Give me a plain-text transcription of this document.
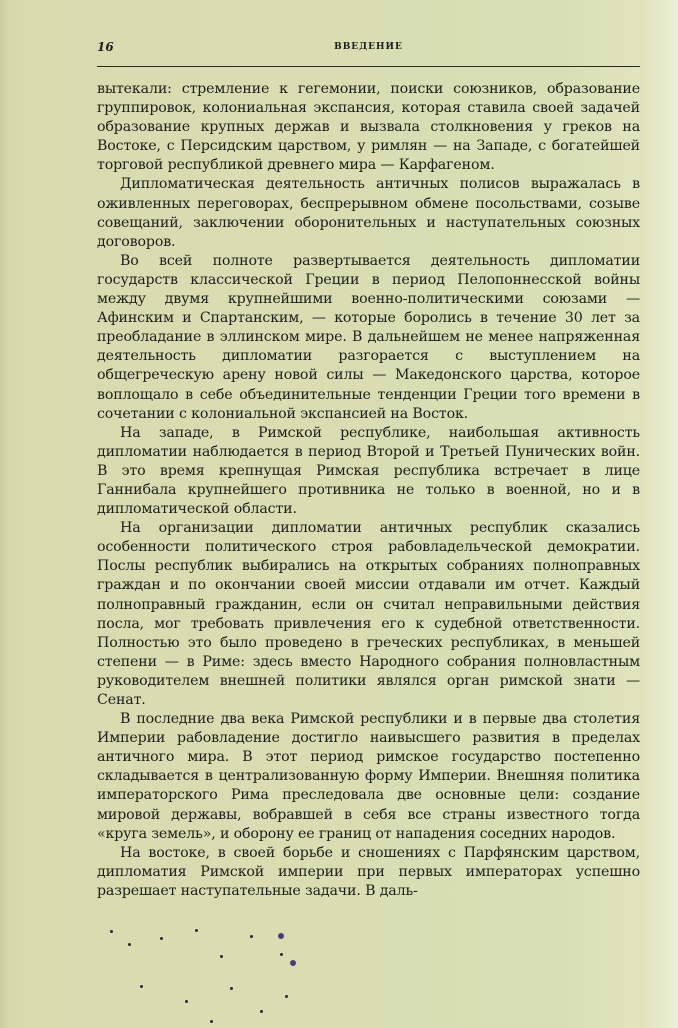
16	ВВЕДЕНИЕ

вытекали: стремление к гегемонии, поиски союзников, образование группировок, колониальная экспансия, которая ставила своей задачей образование крупных держав и вызвала столкновения у греков на Востоке, с Персидским царством, у римлян — на Западе, с богатейшей торговой республикой древнего мира — Карфагеном.

Дипломатическая деятельность античных полисов выражалась в оживленных переговорах, беспрерывном обмене посольствами, созыве совещаний, заключении оборонительных и наступательных союзных договоров.

Во всей полноте развертывается деятельность дипломатии государств классической Греции в период Пелопоннесской войны между двумя крупнейшими военно-политическими союзами — Афинским и Спартанским, — которые боролись в течение 30 лет за преобладание в эллинском мире. В дальнейшем не менее напряженная деятельность дипломатии разгорается с выступлением на общегреческую арену новой силы — Македонского царства, которое воплощало в себе объединительные тенденции Греции того времени в сочетании с колониальной экспансией на Восток.

На западе, в Римской республике, наибольшая активность дипломатии наблюдается в период Второй и Третьей Пунических войн. В это время крепнущая Римская республика встречает в лице Ганнибала крупнейшего противника не только в военной, но и в дипломатической области.

На организации дипломатии античных республик сказались особенности политического строя рабовладельческой демократии. Послы республик выбирались на открытых собраниях полноправных граждан и по окончании своей миссии отдавали им отчет. Каждый полноправный гражданин, если он считал неправильными действия посла, мог требовать привлечения его к судебной ответственности. Полностью это было проведено в греческих республиках, в меньшей степени — в Риме: здесь вместо Народного собрания полновластным руководителем внешней политики являлся орган римской знати — Сенат.

В последние два века Римской республики и в первые два столетия Империи рабовладение достигло наивысшего развития в пределах античного мира. В этот период римское государство постепенно складывается в централизованную форму Империи. Внешняя политика императорского Рима преследовала две основные цели: создание мировой державы, вобравшей в себя все страны известного тогда «круга земель», и оборону ее границ от нападения соседних народов.

На востоке, в своей борьбе и сношениях с Парфянским царством, дипломатия Римской империи при первых императорах успешно разрешает наступательные задачи. В даль-
